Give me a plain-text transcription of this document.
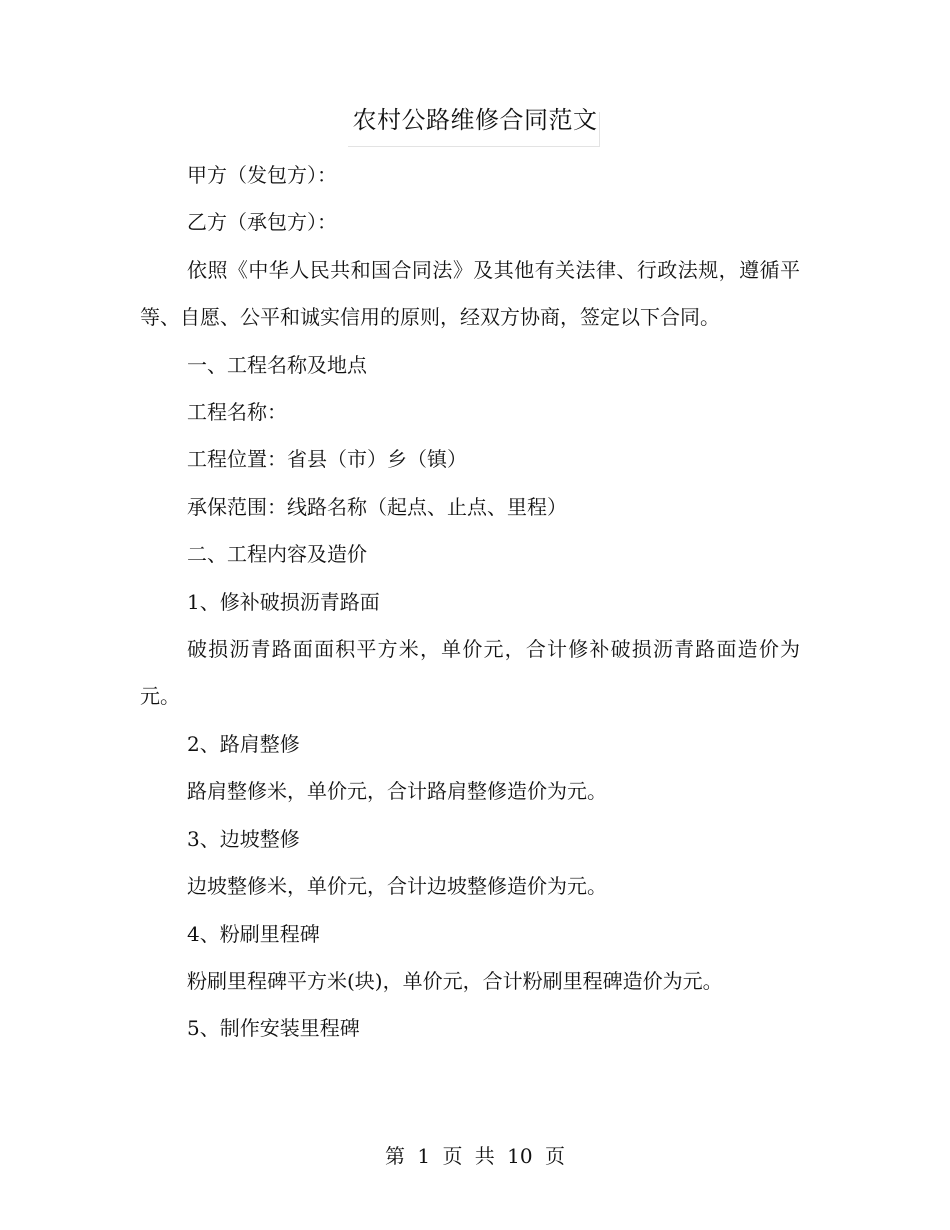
农村公路维修合同范文

甲方（发包方）：

乙方（承包方）：

依照《中华人民共和国合同法》及其他有关法律、行政法规，遵循平等、自愿、公平和诚实信用的原则，经双方协商，签定以下合同。

一、工程名称及地点

工程名称：

工程位置：省县（市）乡（镇）

承保范围：线路名称（起点、止点、里程）

二、工程内容及造价

1、修补破损沥青路面

破损沥青路面面积平方米，单价元，合计修补破损沥青路面造价为元。

2、路肩整修

路肩整修米，单价元，合计路肩整修造价为元。

3、边坡整修

边坡整修米，单价元，合计边坡整修造价为元。

4、粉刷里程碑

粉刷里程碑平方米(块)，单价元，合计粉刷里程碑造价为元。

5、制作安装里程碑

第 1 页 共 10 页
